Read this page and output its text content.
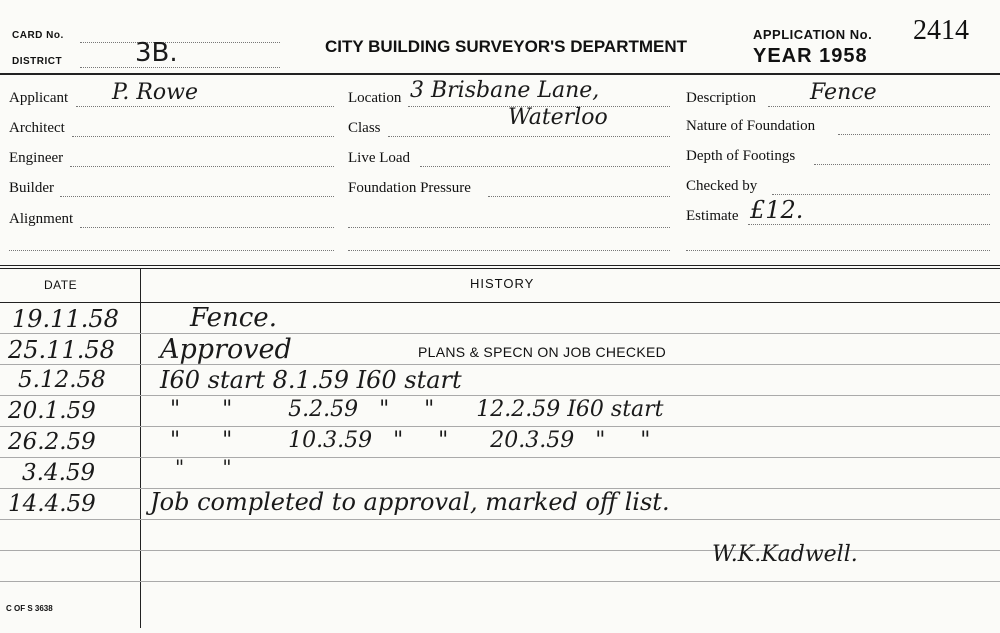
CARD No.
DISTRICT	3B.	CITY BUILDING SURVEYOR'S DEPARTMENT
APPLICATION No. 2414
YEAR 1958
Applicant P. Rowe
Architect
Engineer
Builder
Alignment
Location 3 Brisbane Lane,
Waterloo
Class
Live Load
Foundation Pressure
Description Fence
Nature of Foundation
Depth of Footings
Checked by
Estimate £12.
DATE	HISTORY
19.11.58	Fence.
25.11.58 Approved	PLANS & SPECN ON JOB CHECKED
5.12.58 I60 start 8.1.59 I60 start
20.1.59	"      "        5.2.59   "     "      12.2.59 I60 start
26.2.59	"      "        10.3.59   "     "      20.3.59   "     "
3.4.59	"      "
14.4.59 Job completed to approval, marked off list.
W.K.Kadwell.
C OF S 3638
